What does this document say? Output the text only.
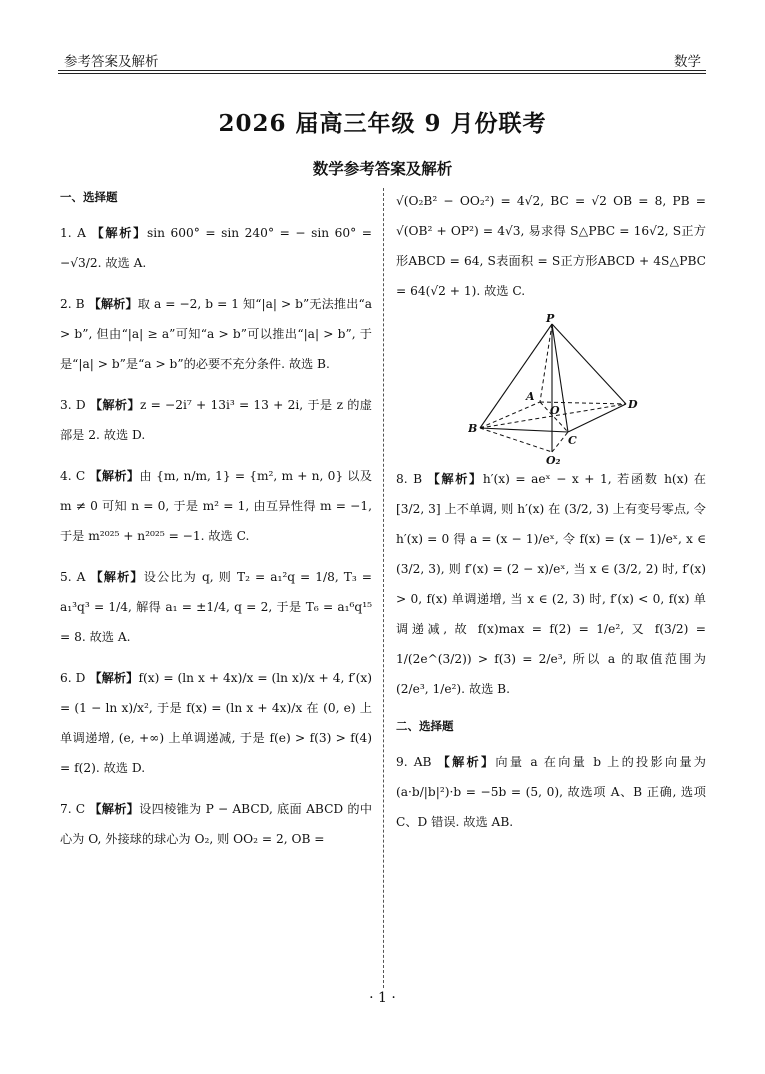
参考答案及解析	数学
2026 届高三年级 9 月份联考
数学参考答案及解析
一、选择题

1. A 【解析】sin 600° = sin 240° = − sin 60° = −√3/2. 故选 A.

2. B 【解析】取 a = −2, b = 1 知“|a| > b”无法推出“a > b”, 但由“|a| ≥ a”可知“a > b”可以推出“|a| > b”, 于是“|a| > b”是“a > b”的必要不充分条件. 故选 B.

3. D 【解析】z = −2i⁷ + 13i³ = 13 + 2i, 于是 z 的虚部是 2. 故选 D.

4. C 【解析】由 {m, n/m, 1} = {m², m + n, 0} 以及 m ≠ 0 可知 n = 0, 于是 m² = 1, 由互异性得 m = −1, 于是 m²⁰²⁵ + n²⁰²⁵ = −1. 故选 C.

5. A 【解析】设公比为 q, 则 T₂ = a₁²q = 1/8, T₃ = a₁³q³ = 1/4, 解得 a₁ = ±1/4, q = 2, 于是 T₆ = a₁⁶q¹⁵ = 8. 故选 A.

6. D 【解析】f(x) = (ln x + 4x)/x = (ln x)/x + 4, f′(x) = (1 − ln x)/x², 于是 f(x) = (ln x + 4x)/x 在 (0, e) 上单调递增, (e, +∞) 上单调递减, 于是 f(e) > f(3) > f(4) = f(2). 故选 D.

7. C 【解析】设四棱锥为 P − ABCD, 底面 ABCD 的中心为 O, 外接球的球心为 O₂, 则 OO₂ = 2, OB =

√(O₂B² − OO₂²) = 4√2, BC = √2 OB = 8, PB = √(OB² + OP²) = 4√3, 易求得 S△PBC = 16√2, S正方形ABCD = 64, S表面积 = S正方形ABCD + 4S△PBC = 64(√2 + 1). 故选 C.

P
A
O
B
C
D
O₂

8. B 【解析】h′(x) = aeˣ − x + 1, 若函数 h(x) 在 [3/2, 3] 上不单调, 则 h′(x) 在 (3/2, 3) 上有变号零点, 令 h′(x) = 0 得 a = (x − 1)/eˣ, 令 f(x) = (x − 1)/eˣ, x ∈ (3/2, 3), 则 f′(x) = (2 − x)/eˣ, 当 x ∈ (3/2, 2) 时, f′(x) > 0, f(x) 单调递增, 当 x ∈ (2, 3) 时, f′(x) < 0, f(x) 单调递减, 故 f(x)max = f(2) = 1/e², 又 f(3/2) = 1/(2e^(3/2)) > f(3) = 2/e³, 所以 a 的取值范围为 (2/e³, 1/e²). 故选 B.

二、选择题

9. AB 【解析】向量 a 在向量 b 上的投影向量为 (a·b/|b|²)·b = −5b = (5, 0), 故选项 A、B 正确, 选项 C、D 错误. 故选 AB.

· 1 ·
